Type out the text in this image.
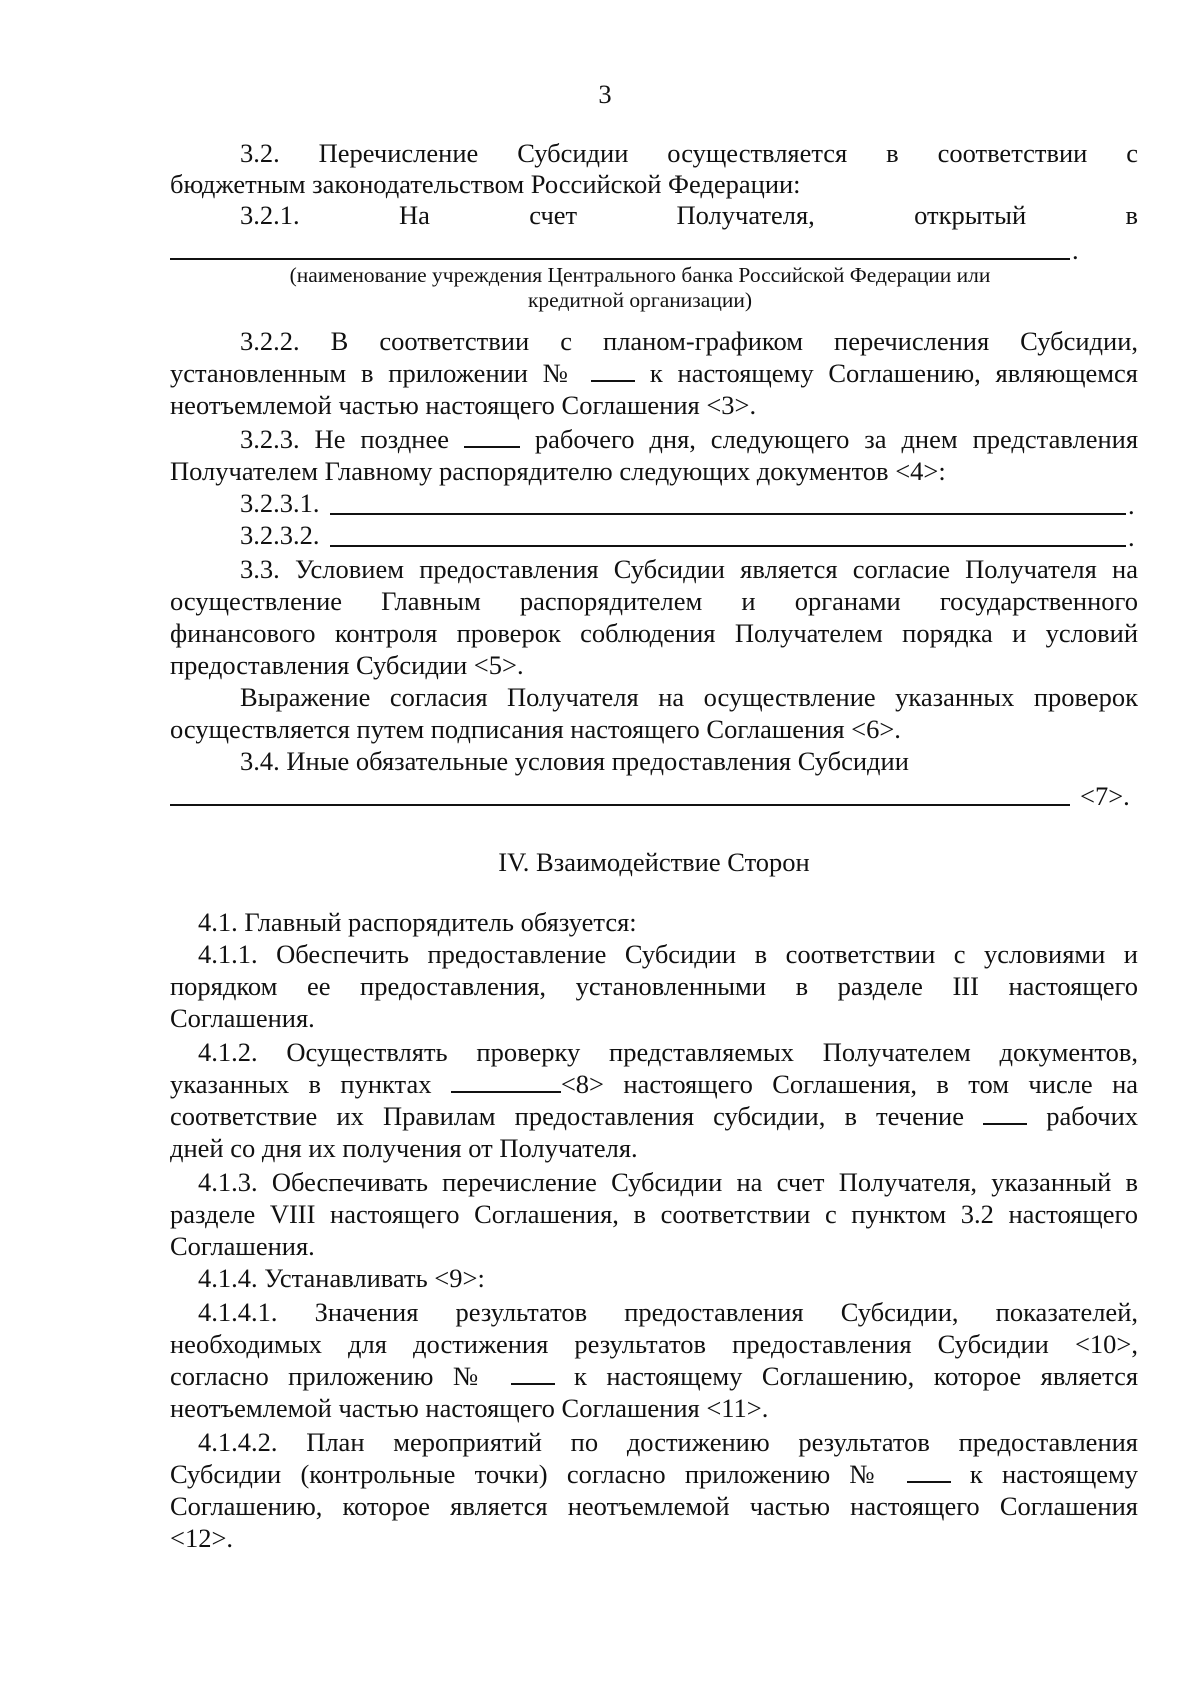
3
3.2. Перечисление Субсидии осуществляется в соответствии с
бюджетным законодательством Российской Федерации:
3.2.1. На счет Получателя, открытый в
.
(наименование учреждения Центрального банка Российской Федерации или
кредитной организации)
3.2.2. В соответствии с планом-графиком перечисления Субсидии,
установленным в приложении №	к настоящему Соглашению, являющемся
неотъемлемой частью настоящего Соглашения <3>.
3.2.3. Не позднее	рабочего дня, следующего за днем представления
Получателем Главному распорядителю следующих документов <4>:
3.2.3.1.	.
3.2.3.2.	.
3.3. Условием предоставления Субсидии является согласие Получателя на
осуществление Главным распорядителем и органами государственного
финансового контроля проверок соблюдения Получателем порядка и условий
предоставления Субсидии <5>.
Выражение согласия Получателя на осуществление указанных проверок
осуществляется путем подписания настоящего Соглашения <6>.
3.4. Иные обязательные условия предоставления Субсидии
<7>.
IV. Взаимодействие Сторон
4.1. Главный распорядитель обязуется:
4.1.1. Обеспечить предоставление Субсидии в соответствии с условиями и
порядком ее предоставления, установленными в разделе III настоящего
Соглашения.
4.1.2. Осуществлять проверку представляемых Получателем документов,
указанных в пунктах	<8> настоящего Соглашения, в том числе на
соответствие их Правилам предоставления субсидии, в течение	рабочих
дней со дня их получения от Получателя.
4.1.3. Обеспечивать перечисление Субсидии на счет Получателя, указанный в
разделе VIII настоящего Соглашения, в соответствии с пунктом 3.2 настоящего
Соглашения.
4.1.4. Устанавливать <9>:
4.1.4.1. Значения результатов предоставления Субсидии, показателей,
необходимых для достижения результатов предоставления Субсидии <10>,
согласно приложению №	к настоящему Соглашению, которое является
неотъемлемой частью настоящего Соглашения <11>.
4.1.4.2. План мероприятий по достижению результатов предоставления
Субсидии (контрольные точки) согласно приложению №	к настоящему
Соглашению, которое является неотъемлемой частью настоящего Соглашения
<12>.
